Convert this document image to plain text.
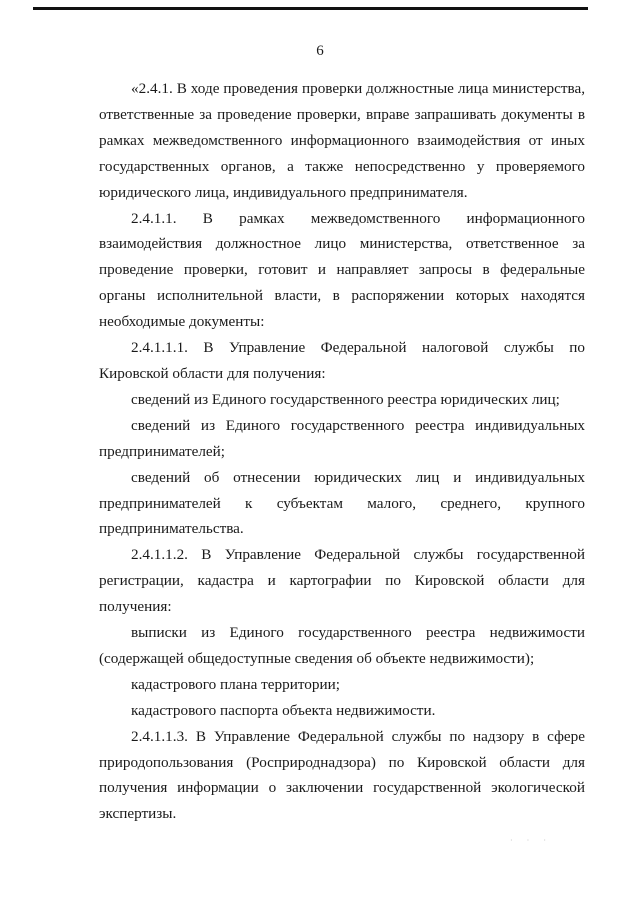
6

«2.4.1. В ходе проведения проверки должностные лица министерства, ответственные за проведение проверки, вправе запрашивать документы в рамках межведомственного информационного взаимодействия от иных государственных органов, а также непосредственно у проверяемого юридического лица, индивидуального предпринимателя.

2.4.1.1. В рамках межведомственного информационного взаимодействия должностное лицо министерства, ответственное за проведение проверки, готовит и направляет запросы в федеральные органы исполнительной власти, в распоряжении которых находятся необходимые документы:

2.4.1.1.1. В Управление Федеральной налоговой службы по Кировской области для получения:

сведений из Единого государственного реестра юридических лиц;

сведений из Единого государственного реестра индивидуальных предпринимателей;

сведений об отнесении юридических лиц и индивидуальных предпринимателей к субъектам малого, среднего, крупного предпринимательства.

2.4.1.1.2. В Управление Федеральной службы государственной регистрации, кадастра и картографии по Кировской области для получения:

выписки из Единого государственного реестра недвижимости (содержащей общедоступные сведения об объекте недвижимости);

кадастрового плана территории;

кадастрового паспорта объекта недвижимости.

2.4.1.1.3. В Управление Федеральной службы по надзору в сфере природопользования (Росприроднадзора) по Кировской области для получения информации о заключении государственной экологической экспертизы.

· · ·
